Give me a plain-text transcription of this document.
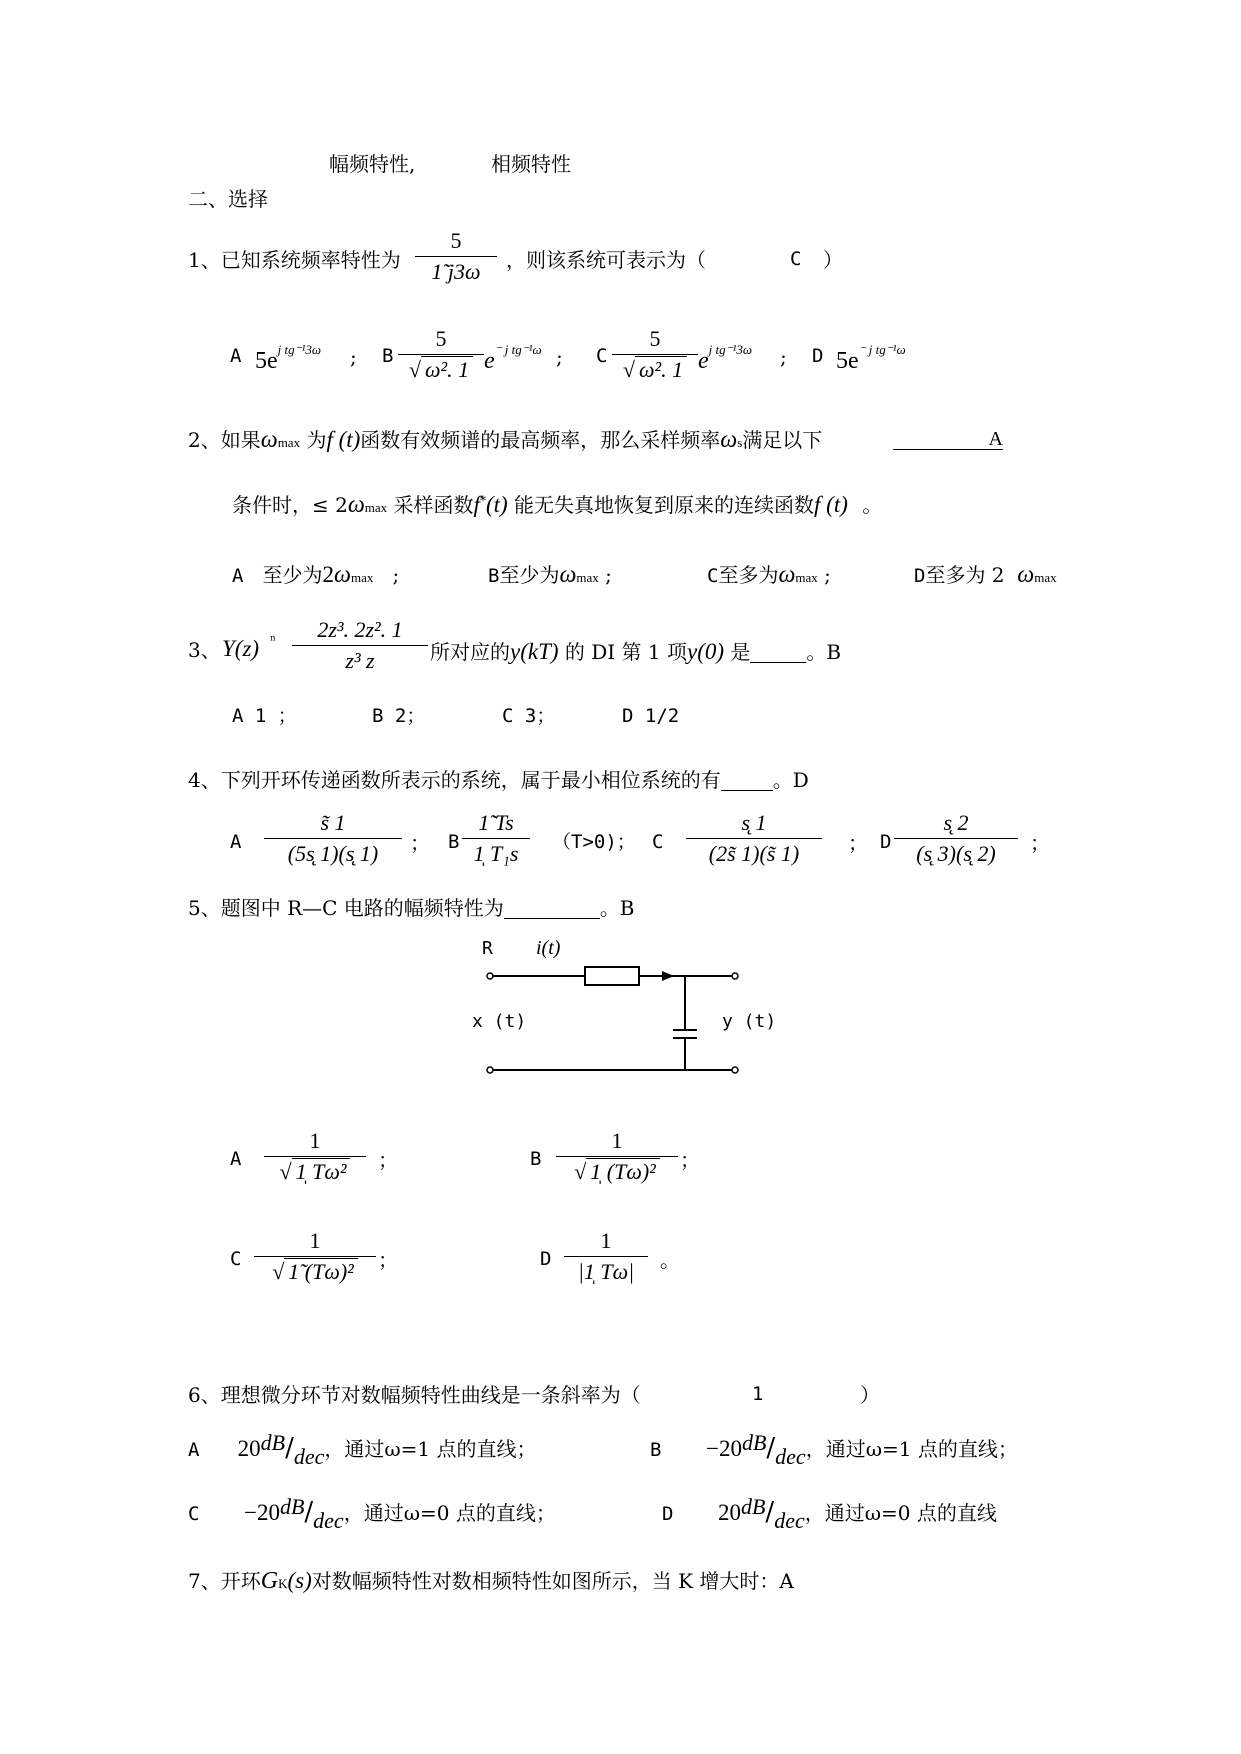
幅频特性,	相频特性
二、选择
1、已知系统频率特性为
5
1̃ j3ω	，则该系统可表示为（	C ）
A $5e^{j tg^{-1}3\omega}$ ; B
5
√ ω². 1 $e^{^- j tg^{-1}\omega}$ ; C
5
√ ω². 1 $e^{j tg^{-1}3\omega}$ ; D $5e^{^- j tg^{-1}\omega}$
2、如果ωmax 为f (t)函数有效频谱的最高频率，那么采样频率ωs满足以下	A
条件时，≤ 2ωmax 采样函数f*(t) 能无失真地恢复到原来的连续函数f (t) 。
A 至少为2ωmax ;	B至少为ωmax ;	C至多为ωmax ;	D至多为 2 ωmax
3、 Y(z) ⁿ	2z³. 2z². 1
z³ z	所对应的y(kT) 的 DI 第 1 项y(0) 是	。B
A 1 ；	B 2；	C 3；	D 1/2
4、下列开环传递函数所表示的系统，属于最小相位系统的有	。D
A
s̃ 1
(5s̨ 1)(s̨ 1)	； B
1̃ Ts
1̩ T₁s	（T>0)； C
s̨ 1
(2s̃ 1)(s̃ 1)	； D
s̨ 2
(s̨ 3)(s̨ 2)	；
5、题图中 R—C 电路的幅频特性为	。B
R i(t)
x (t)	y (t)
A
1
√ 1̩ Tω²	；	B
1
√ 1̩ (Tω)²	；
C
1
√ 1̃ (Tω)²	；	D
1
|1̩ Tω|	。
6、理想微分环节对数幅频特性曲线是一条斜率为（	1	）
A 20dB/dec，通过ω=1 点的直线；	B −20dB/dec，通过ω=1 点的直线；
C −20dB/dec，通过ω=0 点的直线；	D 20dB/dec，通过ω=0 点的直线
7、开环GK(s)对数幅频特性对数相频特性如图所示，当 K 增大时：A
